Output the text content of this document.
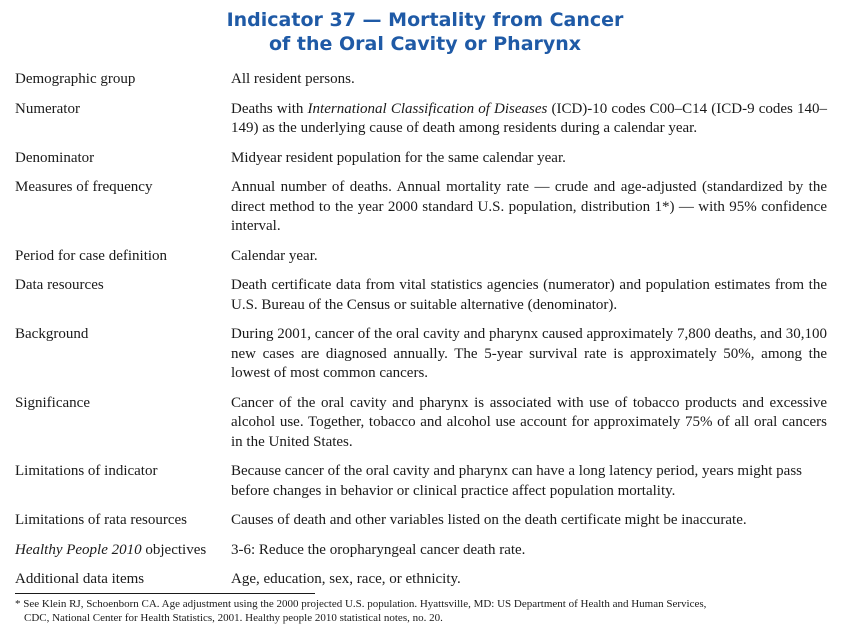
Indicator 37 — Mortality from Cancer
of the Oral Cavity or Pharynx
Demographic group	All resident persons.
Numerator	Deaths with International Classification of Diseases (ICD)-10 codes C00–C14 (ICD-9 codes 140–149) as the underlying cause of death among residents during a calendar year.
Denominator	Midyear resident population for the same calendar year.
Measures of frequency	Annual number of deaths. Annual mortality rate — crude and age-adjusted (standardized by the direct method to the year 2000 standard U.S. population, distribution 1*) — with 95% confidence interval.
Period for case definition	Calendar year.
Data resources	Death certificate data from vital statistics agencies (numerator) and population estimates from the U.S. Bureau of the Census or suitable alternative (denominator).
Background	During 2001, cancer of the oral cavity and pharynx caused approximately 7,800 deaths, and 30,100 new cases are diagnosed annually. The 5-year survival rate is approximately 50%, among the lowest of most common cancers.
Significance	Cancer of the oral cavity and pharynx is associated with use of tobacco products and excessive alcohol use. Together, tobacco and alcohol use account for approximately 75% of all oral cancers in the United States.
Limitations of indicator	Because cancer of the oral cavity and pharynx can have a long latency period, years might pass before changes in behavior or clinical practice affect population mortality.
Limitations of rata resources	Causes of death and other variables listed on the death certificate might be inaccurate.
Healthy People 2010 objectives	3-6: Reduce the oropharyngeal cancer death rate.
Additional data items	Age, education, sex, race, or ethnicity.
* See Klein RJ, Schoenborn CA. Age adjustment using the 2000 projected U.S. population. Hyattsville, MD: US Department of Health and Human Services,
CDC, National Center for Health Statistics, 2001. Healthy people 2010 statistical notes, no. 20.
